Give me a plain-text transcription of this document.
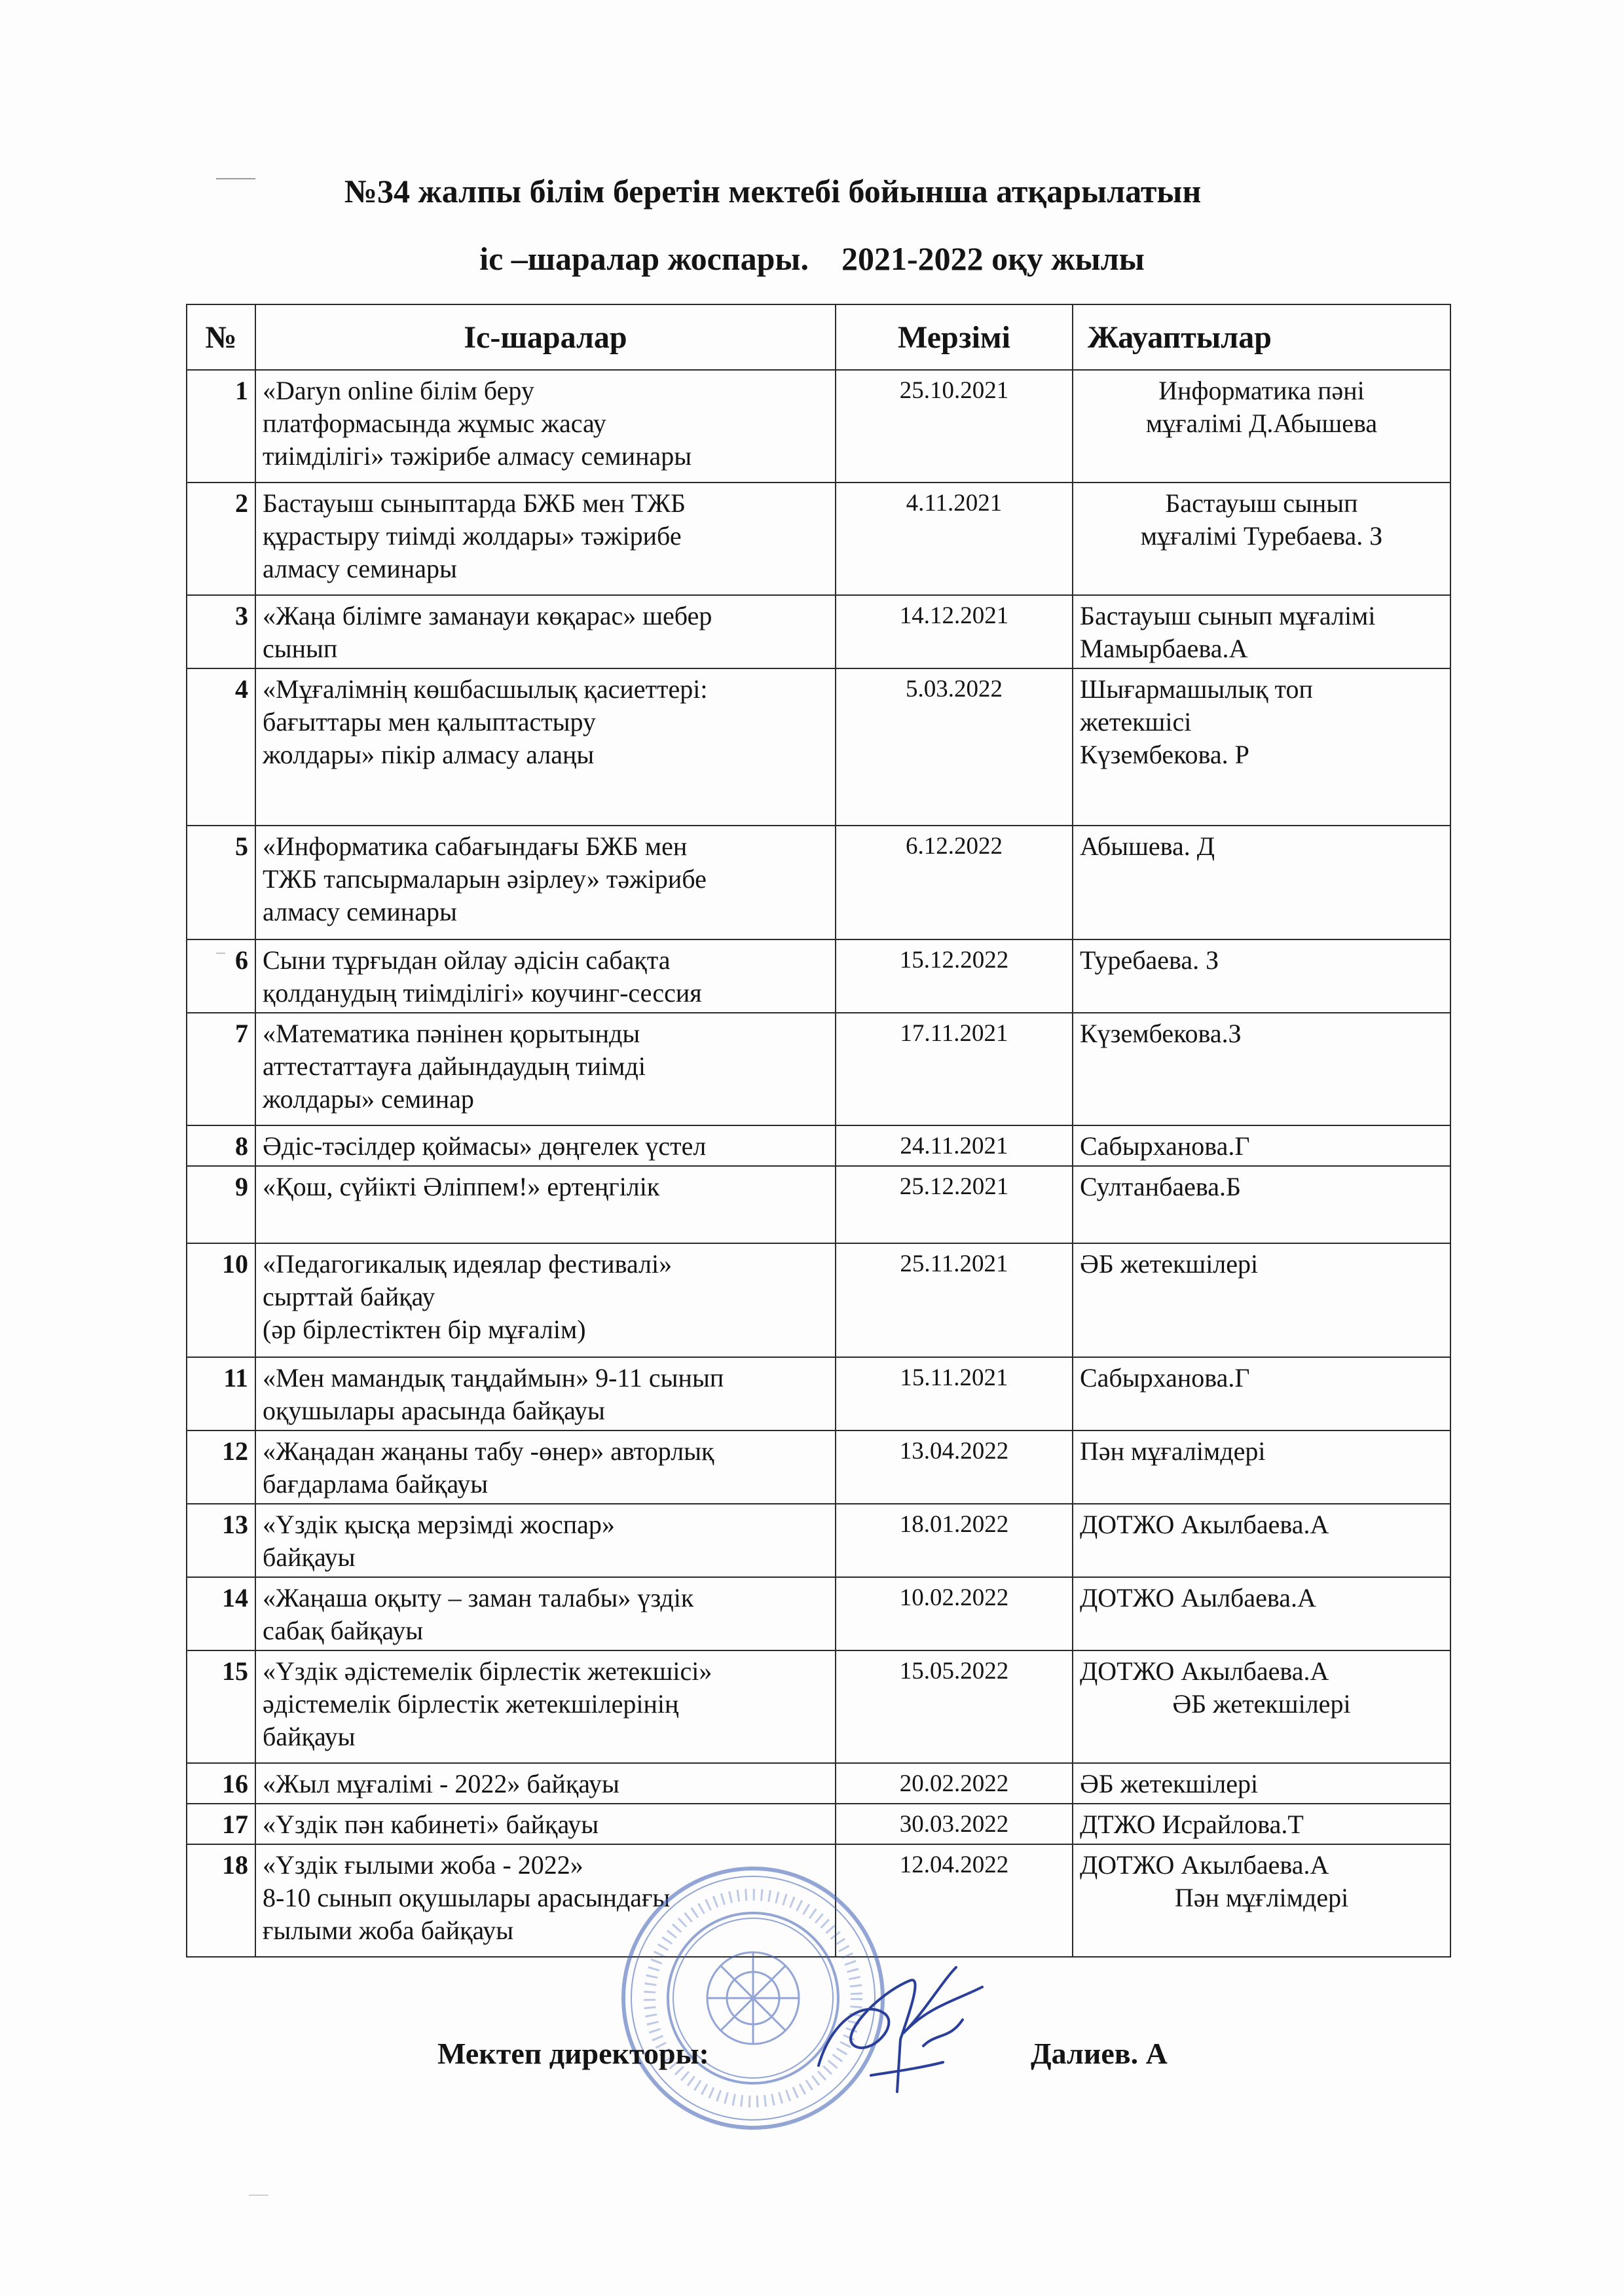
№34 жалпы білім беретін мектебі бойынша атқарылатын
іс –шаралар жоспары. 2021-2022 оқу жылы
№	Іс-шаралар	Мерзімі	Жауаптылар
1	«Daryn online білім беру
платформасында жұмыс жасау
тиімділігі» тәжірибе алмасу семинары	25.10.2021	Информатика пәні
мұғалімі Д.Абышева

2	Бастауыш сыныптарда БЖБ мен ТЖБ
құрастыру тиімді жолдары» тәжірибе
алмасу семинары	4.11.2021	Бастауыш сынып
мұғалімі Туребаева. З

3	«Жаңа білімге заманауи көқарас» шебер
сынып	14.12.2021	Бастауыш сынып мұғалімі
Мамырбаева.А

4	«Мұғалімнің көшбасшылық қасиеттері:
бағыттары мен қалыптастыру
жолдары» пікір алмасу алаңы	5.03.2022	Шығармашылық топ
жетекшісі
Күзембекова. Р

5	«Информатика сабағындағы БЖБ мен
ТЖБ тапсырмаларын әзірлеу» тәжірибе
алмасу семинары	6.12.2022	Абышева. Д

6	Сыни тұрғыдан ойлау әдісін сабақта
қолданудың тиімділігі» коучинг-сессия	15.12.2022	Туребаева. З

7	«Математика пәнінен қорытынды
аттестаттауға дайындаудың тиімді
жолдары» семинар	17.11.2021	Күзембекова.З

8	Әдіс-тәсілдер қоймасы» дөңгелек үстел	24.11.2021	Сабырханова.Г

9	«Қош, сүйікті Әліппем!» ертеңгілік	25.12.2021	Султанбаева.Б

10	«Педагогикалық идеялар фестивалі»
сырттай байқау
(әр бірлестіктен бір мұғалім)	25.11.2021	ӘБ жетекшілері

11	«Мен мамандық таңдаймын» 9-11 сынып
оқушылары арасында байқауы	15.11.2021	Сабырханова.Г

12	«Жаңадан жаңаны табу -өнер» авторлық
бағдарлама байқауы	13.04.2022	Пән мұғалімдері

13	«Үздік қысқа мерзімді жоспар»
байқауы	18.01.2022	ДОТЖО Акылбаева.А

14	«Жаңаша оқыту – заман талабы» үздік
сабақ байқауы	10.02.2022	ДОТЖО Аылбаева.А

15	«Үздік әдістемелік бірлестік жетекшісі»
әдістемелік бірлестік жетекшілерінің
байқауы	15.05.2022	ДОТЖО Акылбаева.А
ӘБ жетекшілері

16	«Жыл мұғалімі - 2022» байқауы	20.02.2022	ӘБ жетекшілері

17	«Үздік пән кабинеті» байқауы	30.03.2022	ДТЖО Исрайлова.Т

18	«Үздік ғылыми жоба - 2022»
8-10 сынып оқушылары арасындағы
ғылыми жоба байқауы	12.04.2022	ДОТЖО Акылбаева.А
Пән мұғлімдері
Мектеп директоры:	Далиев. А
